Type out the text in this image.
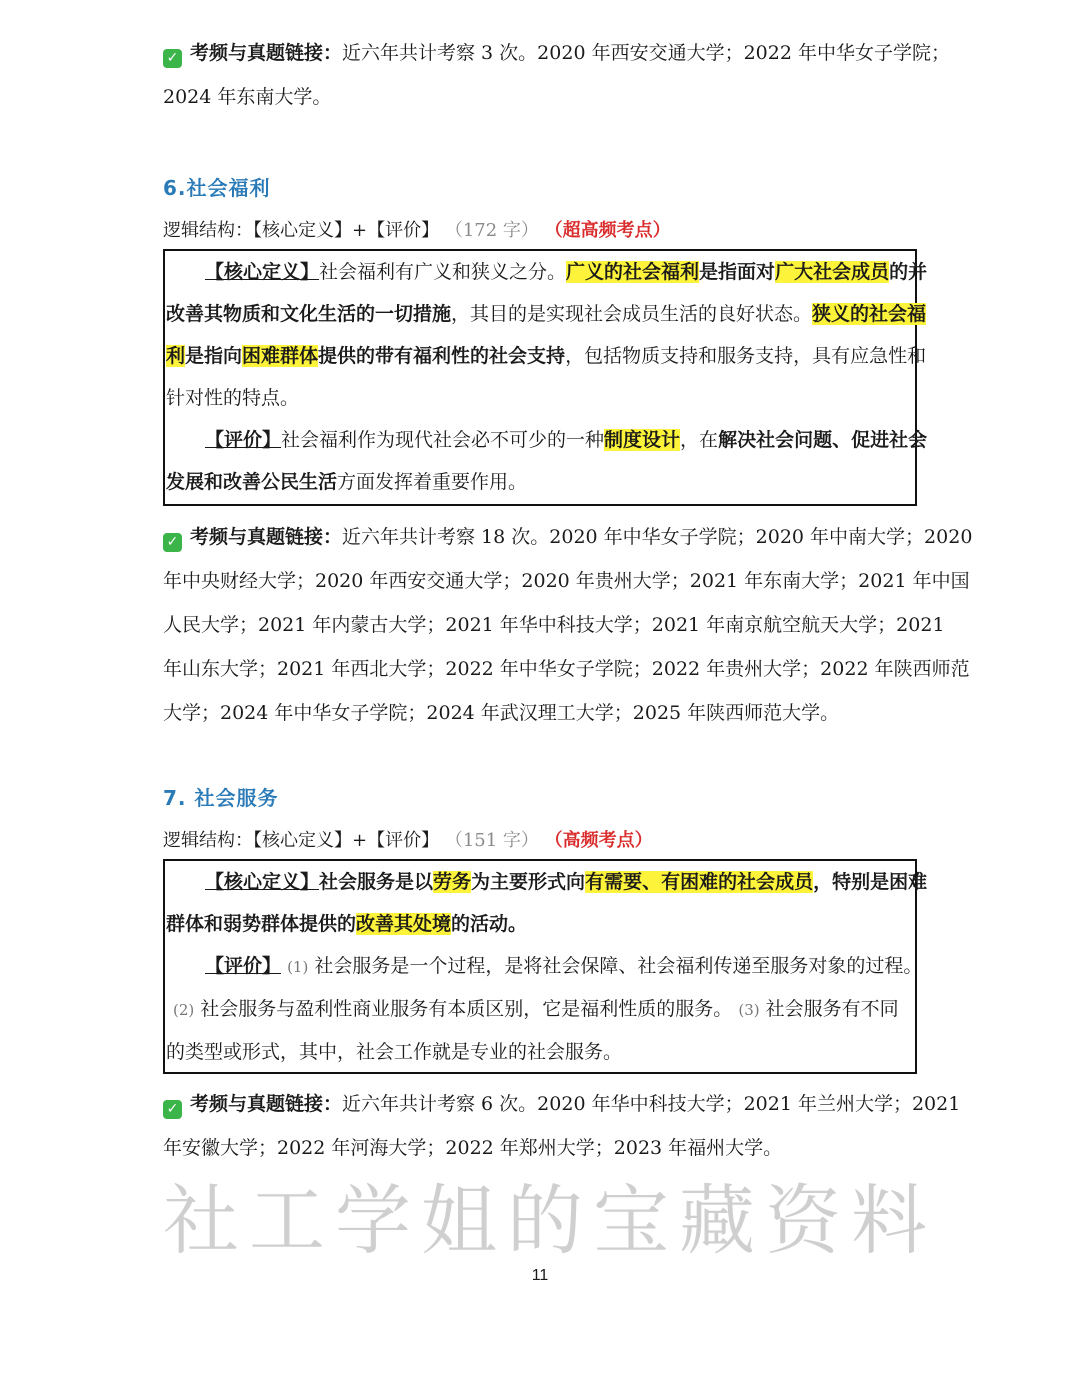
✓ 考频与真题链接：近六年共计考察 3 次。2020 年西安交通大学；2022 年中华女子学院；
2024 年东南大学。
6.社会福利
逻辑结构：【核心定义】+【评价】 （172 字） （超高频考点）
【核心定义】社会福利有广义和狭义之分。广义的社会福利是指面对广大社会成员的并
改善其物质和文化生活的一切措施，其目的是实现社会成员生活的良好状态。狭义的社会福
利是指向困难群体提供的带有福利性的社会支持，包括物质支持和服务支持，具有应急性和
针对性的特点。
【评价】社会福利作为现代社会必不可少的一种制度设计，在解决社会问题、促进社会
发展和改善公民生活方面发挥着重要作用。
✓ 考频与真题链接：近六年共计考察 18 次。2020 年中华女子学院；2020 年中南大学；2020
年中央财经大学；2020 年西安交通大学；2020 年贵州大学；2021 年东南大学；2021 年中国
人民大学；2021 年内蒙古大学；2021 年华中科技大学；2021 年南京航空航天大学；2021
年山东大学；2021 年西北大学；2022 年中华女子学院；2022 年贵州大学；2022 年陕西师范
大学；2024 年中华女子学院；2024 年武汉理工大学；2025 年陕西师范大学。
7. 社会服务
逻辑结构：【核心定义】+【评价】 （151 字） （高频考点）
【核心定义】社会服务是以劳务为主要形式向有需要、有困难的社会成员，特别是困难
群体和弱势群体提供的改善其处境的活动。
【评价】 (1) 社会服务是一个过程，是将社会保障、社会福利传递至服务对象的过程。
(2) 社会服务与盈利性商业服务有本质区别，它是福利性质的服务。 (3) 社会服务有不同
的类型或形式，其中，社会工作就是专业的社会服务。
✓ 考频与真题链接：近六年共计考察 6 次。2020 年华中科技大学；2021 年兰州大学；2021
年安徽大学；2022 年河海大学；2022 年郑州大学；2023 年福州大学。
社工学姐的宝藏资料
11
